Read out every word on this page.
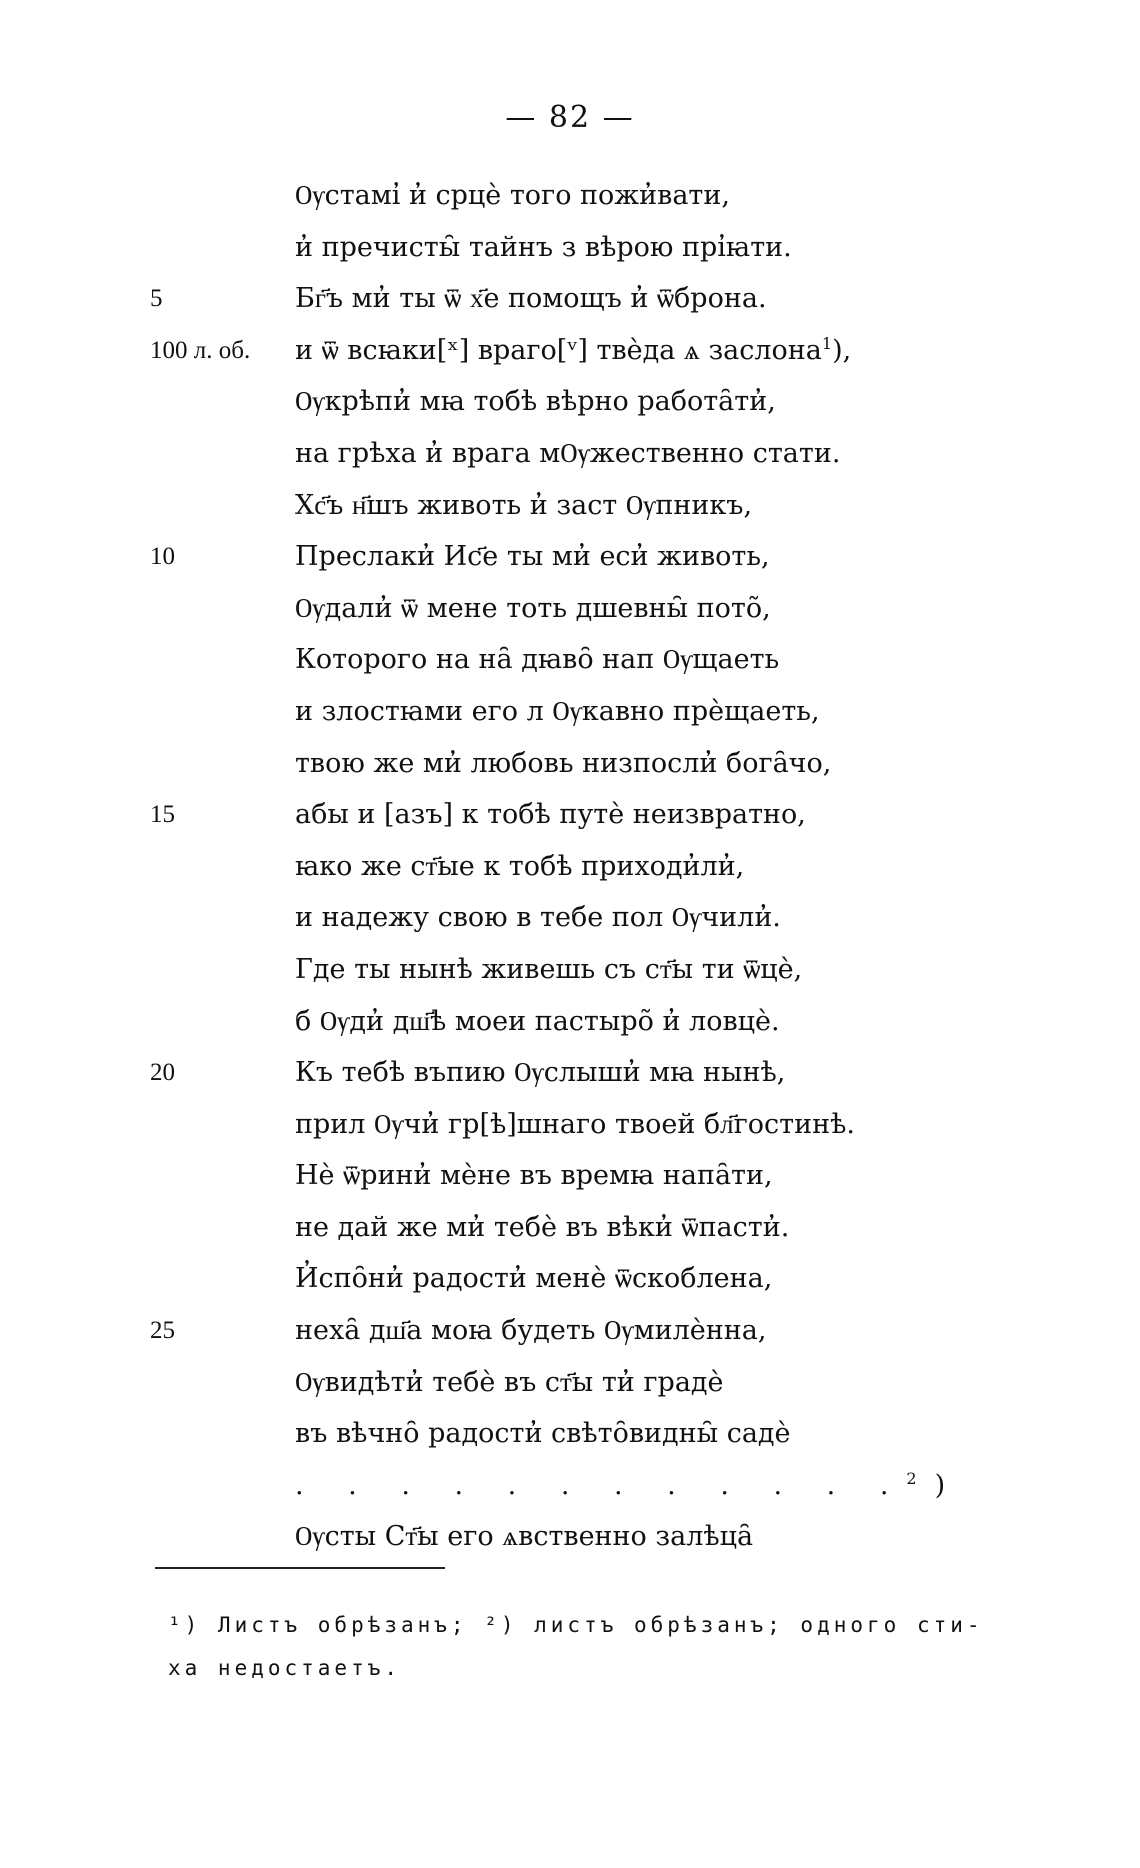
— 82 —
Ѹстамі̓ и̓ срцѐ того пожи̓вати,
и̓ пречисты̑ тайнъ з вѣрою прі̓ꙗти.
5	Бг҃ъ ми̓ ты ѿ х҃е помощъ и̓ ѿброна.
100 л. об.	и ѿ всꙗки[ˣ] враго[ᵛ] твѐда ѧ заслона$^1$),
Ѹкрѣпи̓ мꙗ тобѣ вѣрно работа̑ти̓,
на грѣха и̓ врага мѸжественно стати.
Хс҃ъ н҃шъ животь и̓ заст Ѹпникъ,
10	Преслаки̓ Иc҃е ты ми̓ еси̓ животь,
Ѹдали̓ ѿ мене тоть дшевны̑ пото̃,
Которого на на̑ дꙗво̑ нап Ѹщаеть
и злостꙗми его л Ѹкавно прѐщаеть,
твою же ми̓ любовь низпосли̓ бога̑чо,
15	абы и [азъ] к тобѣ путѐ неизвратно,
ꙗко же ст҃ые к тобѣ приходи̓ли̓,
и надежу свою в тебе пол Ѹчили̓.
Где ты нынѣ живешь съ ст҃ы ти ѿцѐ,
б Ѹди̓ дш҃ѣ моеи пастыро̃ и̓ ловцѐ.
20	Къ тебѣ въпию Ѹслыши̓ мꙗ нынѣ,
прил Ѹчи̓ гр[ѣ]шнаго твоей бл҃гостинѣ.
Нѐ ѿрини̓ мѐне въ времꙗ напа̑ти,
не дай же ми̓ тебѐ въ вѣки̓ ѿпасти̓.
И̓спо̑ни̓ радости̓ менѐ ѿскоблена,
25	неха̑ дш҃а моꙗ будеть Ѹмилѐнна,
Ѹвидѣти̓ тебѐ въ ст҃ы ти̓ градѐ
въ вѣчно̑ радости̓ свѣто̑видны̑ садѐ
. . . . . . . . . . . .$^2$)
Ѹсты Ст҃ы его ѧвственно залѣца̑
¹) Листъ обрѣзанъ; ²) листъ обрѣзанъ; одного сти-
ха недостаетъ.
